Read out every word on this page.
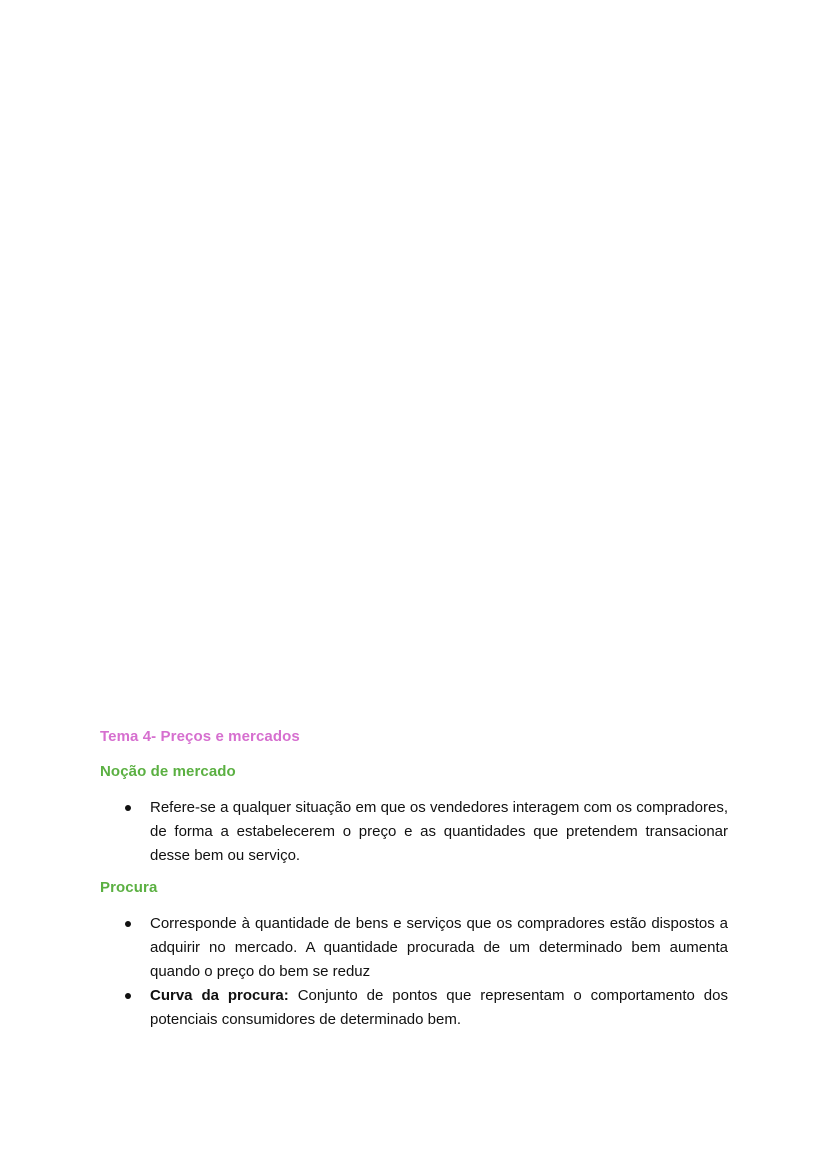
Tema 4- Preços e mercados
Noção de mercado
Refere-se a qualquer situação em que os vendedores interagem com os compradores, de forma a estabelecerem o preço e as quantidades que pretendem transacionar desse bem ou serviço.
Procura
Corresponde à quantidade de bens e serviços que os compradores estão dispostos a adquirir no mercado. A quantidade procurada de um determinado bem aumenta quando o preço do bem se reduz
Curva da procura: Conjunto de pontos que representam o comportamento dos potenciais consumidores de determinado bem.
